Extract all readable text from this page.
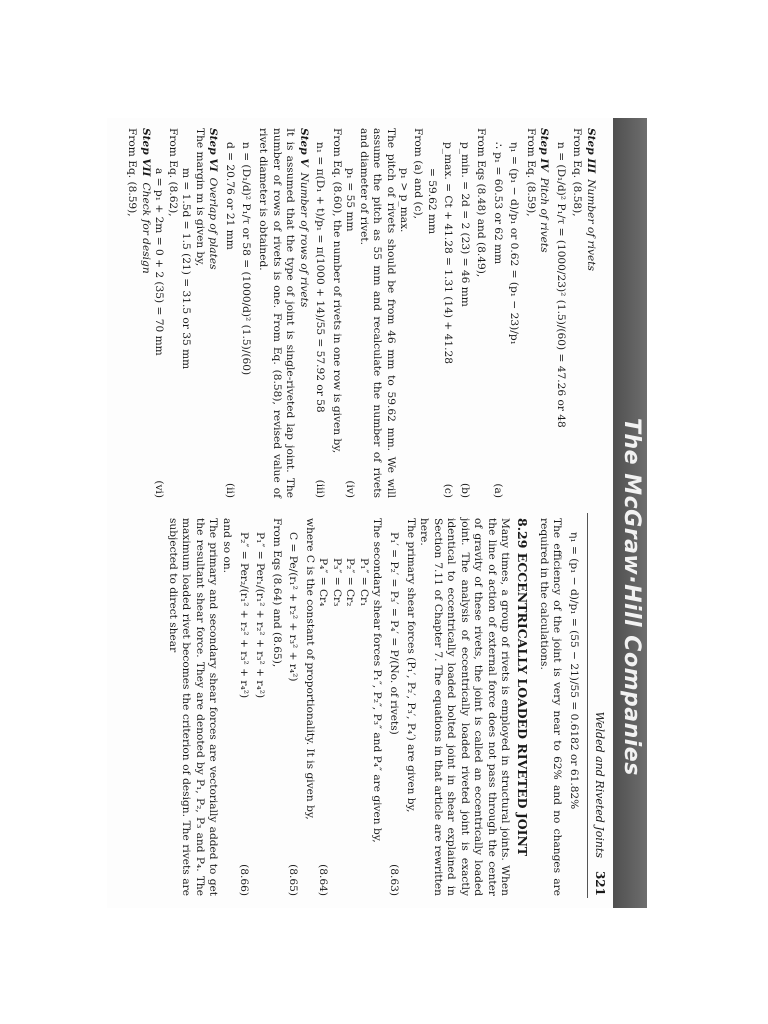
The McGraw·Hill Companies
Welded and Riveted Joints
321
Step III
Number of rivets
From Eq. (8.58),
n = (D₁/d)² P₁/τ = (1000/23)² (1.5)/(60) = 47.26 or 48
Step IV
Pitch of rivets
From Eq. (8.59),
η₁ = (p₁ − d)/p₁ or 0.62 = (p₁ − 23)/p₁
∴ p₁ = 60.53 or 62 mm
(a)
From Eqs (8.48) and (8.49),
p_min. = 2d = 2 (23) = 46 mm
(b)
p_max. = Ct + 41.28 = 1.31 (14) + 41.28
(c)
= 59.62 mm
From (a) and (c),
p₁ > p_max.
The pitch of rivets should be from 46 mm to 59.62 mm. We will assume the pitch as 55 mm and recalculate the number of rivets and diameter of rivet.
p₁ = 55 mm
(iv)
From Eq. (8.60), the number of rivets in one row is given by,
n₁ = π(D₁ + t)/p₁ = π(1000 + 14)/55 = 57.92 or 58
(iii)
Step V
Number of rows of rivets
It is assumed that the type of joint is single-riveted lap joint. The number of rows of rivets is one. From Eq. (8.58), revised value of rivet diameter is obtained.
n = (D₁/d)² P₁/τ or 58 = (1000/d)² (1.5)/(60)
d = 20.76 or 21 mm
(ii)
Step VI
Overlap of plates
The margin m is given by,
m = 1.5d = 1.5 (21) = 31.5 or 35 mm
From Eq. (8.62),
a = p₁ + 2m = 0 + 2 (35) = 70 mm
(vi)
Step VII
Check for design
From Eq. (8.59),
η₁ = (p₁ − d)/p₁ = (55 − 21)/55 = 0.6182 or 61.82%
The efficiency of the joint is very near to 62% and no changes are required in the calculations.
8.29 ECCENTRICALLY LOADED RIVETED JOINT
Many times, a group of rivets is employed in structural joints. When the line of action of external force does not pass through the center of gravity of these rivets, the joint is called an eccentrically loaded joint. The analysis of eccentrically loaded riveted joint is exactly identical to eccentrically loaded bolted joint in shear explained in Section 7.11 of Chapter 7. The equations in that article are rewritten here.
The primary shear forces (P₁′, P₂′, P₃′, P₄′) are given by,
P₁′ = P₂′ = P₃′ = P₄′ = P/(No. of rivets)
(8.63)
The secondary shear forces P₁″, P₂″, P₃″ and P₄″ are given by,
P₁″ = Cr₁
P₂″ = Cr₂
P₃″ = Cr₃
P₄″ = Cr₄
(8.64)
where C is the constant of proportionality. It is given by,
C = Pe/(r₁² + r₂² + r₃² + r₄²)
(8.65)
From Eqs (8.64) and (8.65),
P₁″ = Per₁/(r₁² + r₂² + r₃² + r₄²)
P₂″ = Per₂/(r₁² + r₂² + r₃² + r₄²)
(8.66)
and so on.
The primary and secondary shear forces are vectorially added to get the resultant shear force. They are denoted by P₁, P₂, P₃ and P₄. The maximum loaded rivet becomes the criterion of design. The rivets are subjected to direct shear
